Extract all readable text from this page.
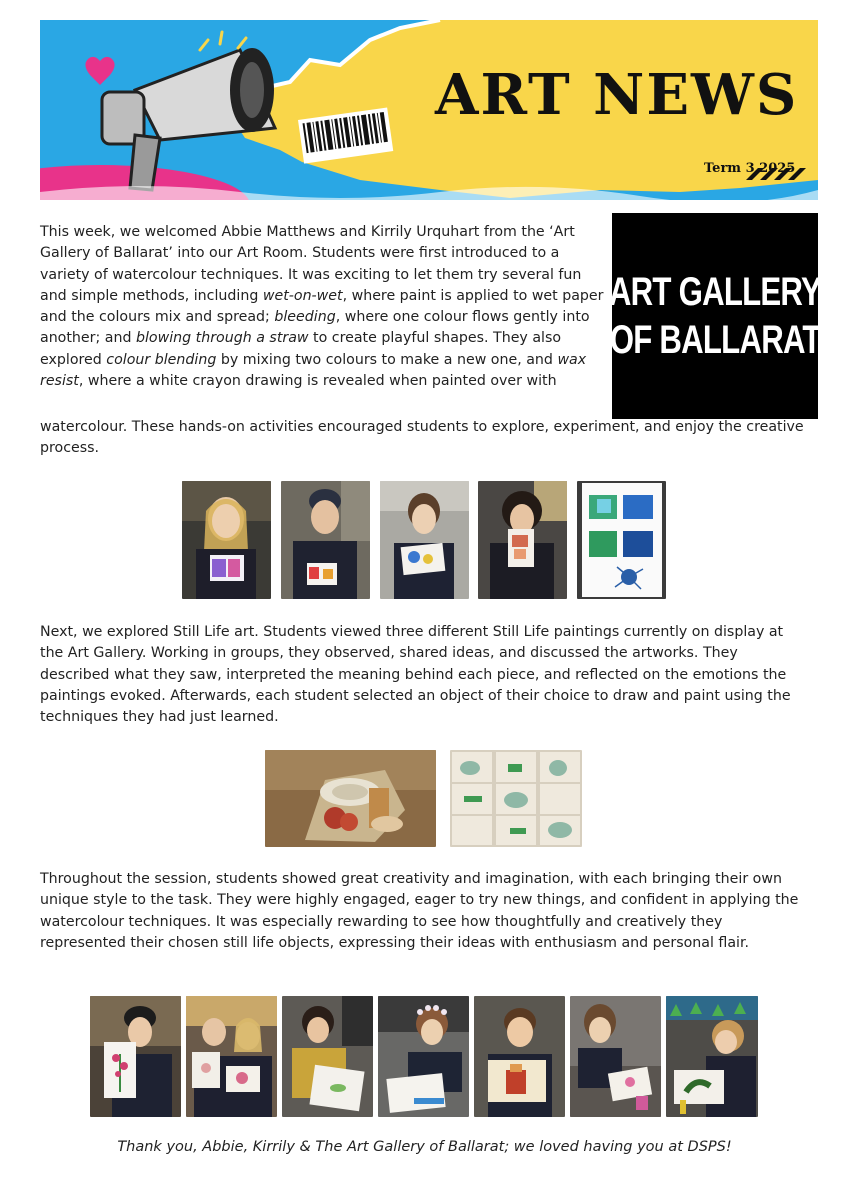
ART NEWS
Term 3 2025
ART GALLERY
OF BALLARAT

This week, we welcomed Abbie Matthews and Kirrily Urquhart from the ‘Art Gallery of Ballarat’ into our Art Room. Students were first introduced to a variety of watercolour techniques. It was exciting to let them try several fun and simple methods, including wet-on-wet, where paint is applied to wet paper and the colours mix and spread; bleeding, where one colour flows gently into another; and blowing through a straw to create playful shapes. They also explored colour blending by mixing two colours to make a new one, and wax resist, where a white crayon drawing is revealed when painted over with

watercolour. These hands-on activities encouraged students to explore, experiment, and enjoy the creative process.

Next, we explored Still Life art. Students viewed three different Still Life paintings currently on display at the Art Gallery. Working in groups, they observed, shared ideas, and discussed the artworks. They described what they saw, interpreted the meaning behind each piece, and reflected on the emotions the paintings evoked. Afterwards, each student selected an object of their choice to draw and paint using the techniques they had just learned.

Throughout the session, students showed great creativity and imagination, with each bringing their own unique style to the task. They were highly engaged, eager to try new things, and confident in applying the watercolour techniques. It was especially rewarding to see how thoughtfully and creatively they represented their chosen still life objects, expressing their ideas with enthusiasm and personal flair.

Thank you, Abbie, Kirrily & The Art Gallery of Ballarat; we loved having you at DSPS!
